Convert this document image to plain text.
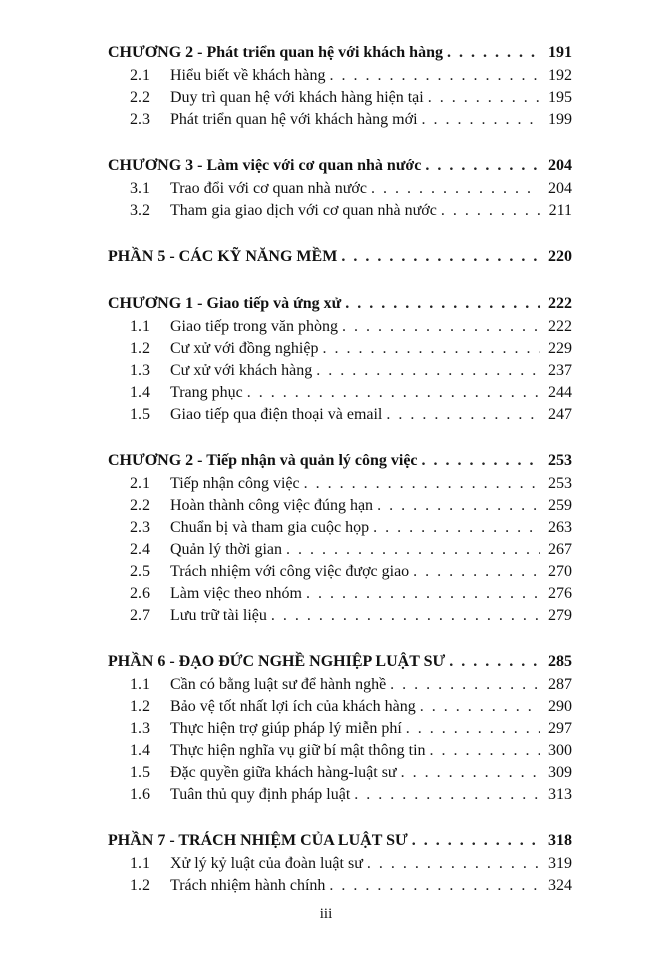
CHƯƠNG 2 - Phát triển quan hệ với khách hàng . . .	191
2.1	Hiểu biết về khách hàng . . .	192
2.2	Duy trì quan hệ với khách hàng hiện tại . . .	195
2.3	Phát triển quan hệ với khách hàng mới . . .	199
CHƯƠNG 3 - Làm việc với cơ quan nhà nước . . .	204
3.1	Trao đổi với cơ quan nhà nước . . .	204
3.2	Tham gia giao dịch với cơ quan nhà nước . . .	211
PHẦN 5 - CÁC KỸ NĂNG MỀM . . .	220
CHƯƠNG 1 - Giao tiếp và ứng xử . . .	222
1.1	Giao tiếp trong văn phòng . . .	222
1.2	Cư xử với đồng nghiệp . . .	229
1.3	Cư xử với khách hàng . . .	237
1.4	Trang phục . . .	244
1.5	Giao tiếp qua điện thoại và email . . .	247
CHƯƠNG 2 - Tiếp nhận và quản lý công việc . . .	253
2.1	Tiếp nhận công việc . . .	253
2.2	Hoàn thành công việc đúng hạn . . .	259
2.3	Chuẩn bị và tham gia cuộc họp . . .	263
2.4	Quản lý thời gian . . .	267
2.5	Trách nhiệm với công việc được giao . . .	270
2.6	Làm việc theo nhóm . . .	276
2.7	Lưu trữ tài liệu . . .	279
PHẦN 6 - ĐẠO ĐỨC NGHỀ NGHIỆP LUẬT SƯ . . .	285
1.1	Cần có bằng luật sư để hành nghề . . .	287
1.2	Bảo vệ tốt nhất lợi ích của khách hàng . . .	290
1.3	Thực hiện trợ giúp pháp lý miễn phí . . .	297
1.4	Thực hiện nghĩa vụ giữ bí mật thông tin . . .	300
1.5	Đặc quyền giữa khách hàng-luật sư . . .	309
1.6	Tuân thủ quy định pháp luật . . .	313
PHẦN 7 - TRÁCH NHIỆM CỦA LUẬT SƯ . . .	318
1.1	Xử lý kỷ luật của đoàn luật sư . . .	319
1.2	Trách nhiệm hành chính . . .	324
iii
